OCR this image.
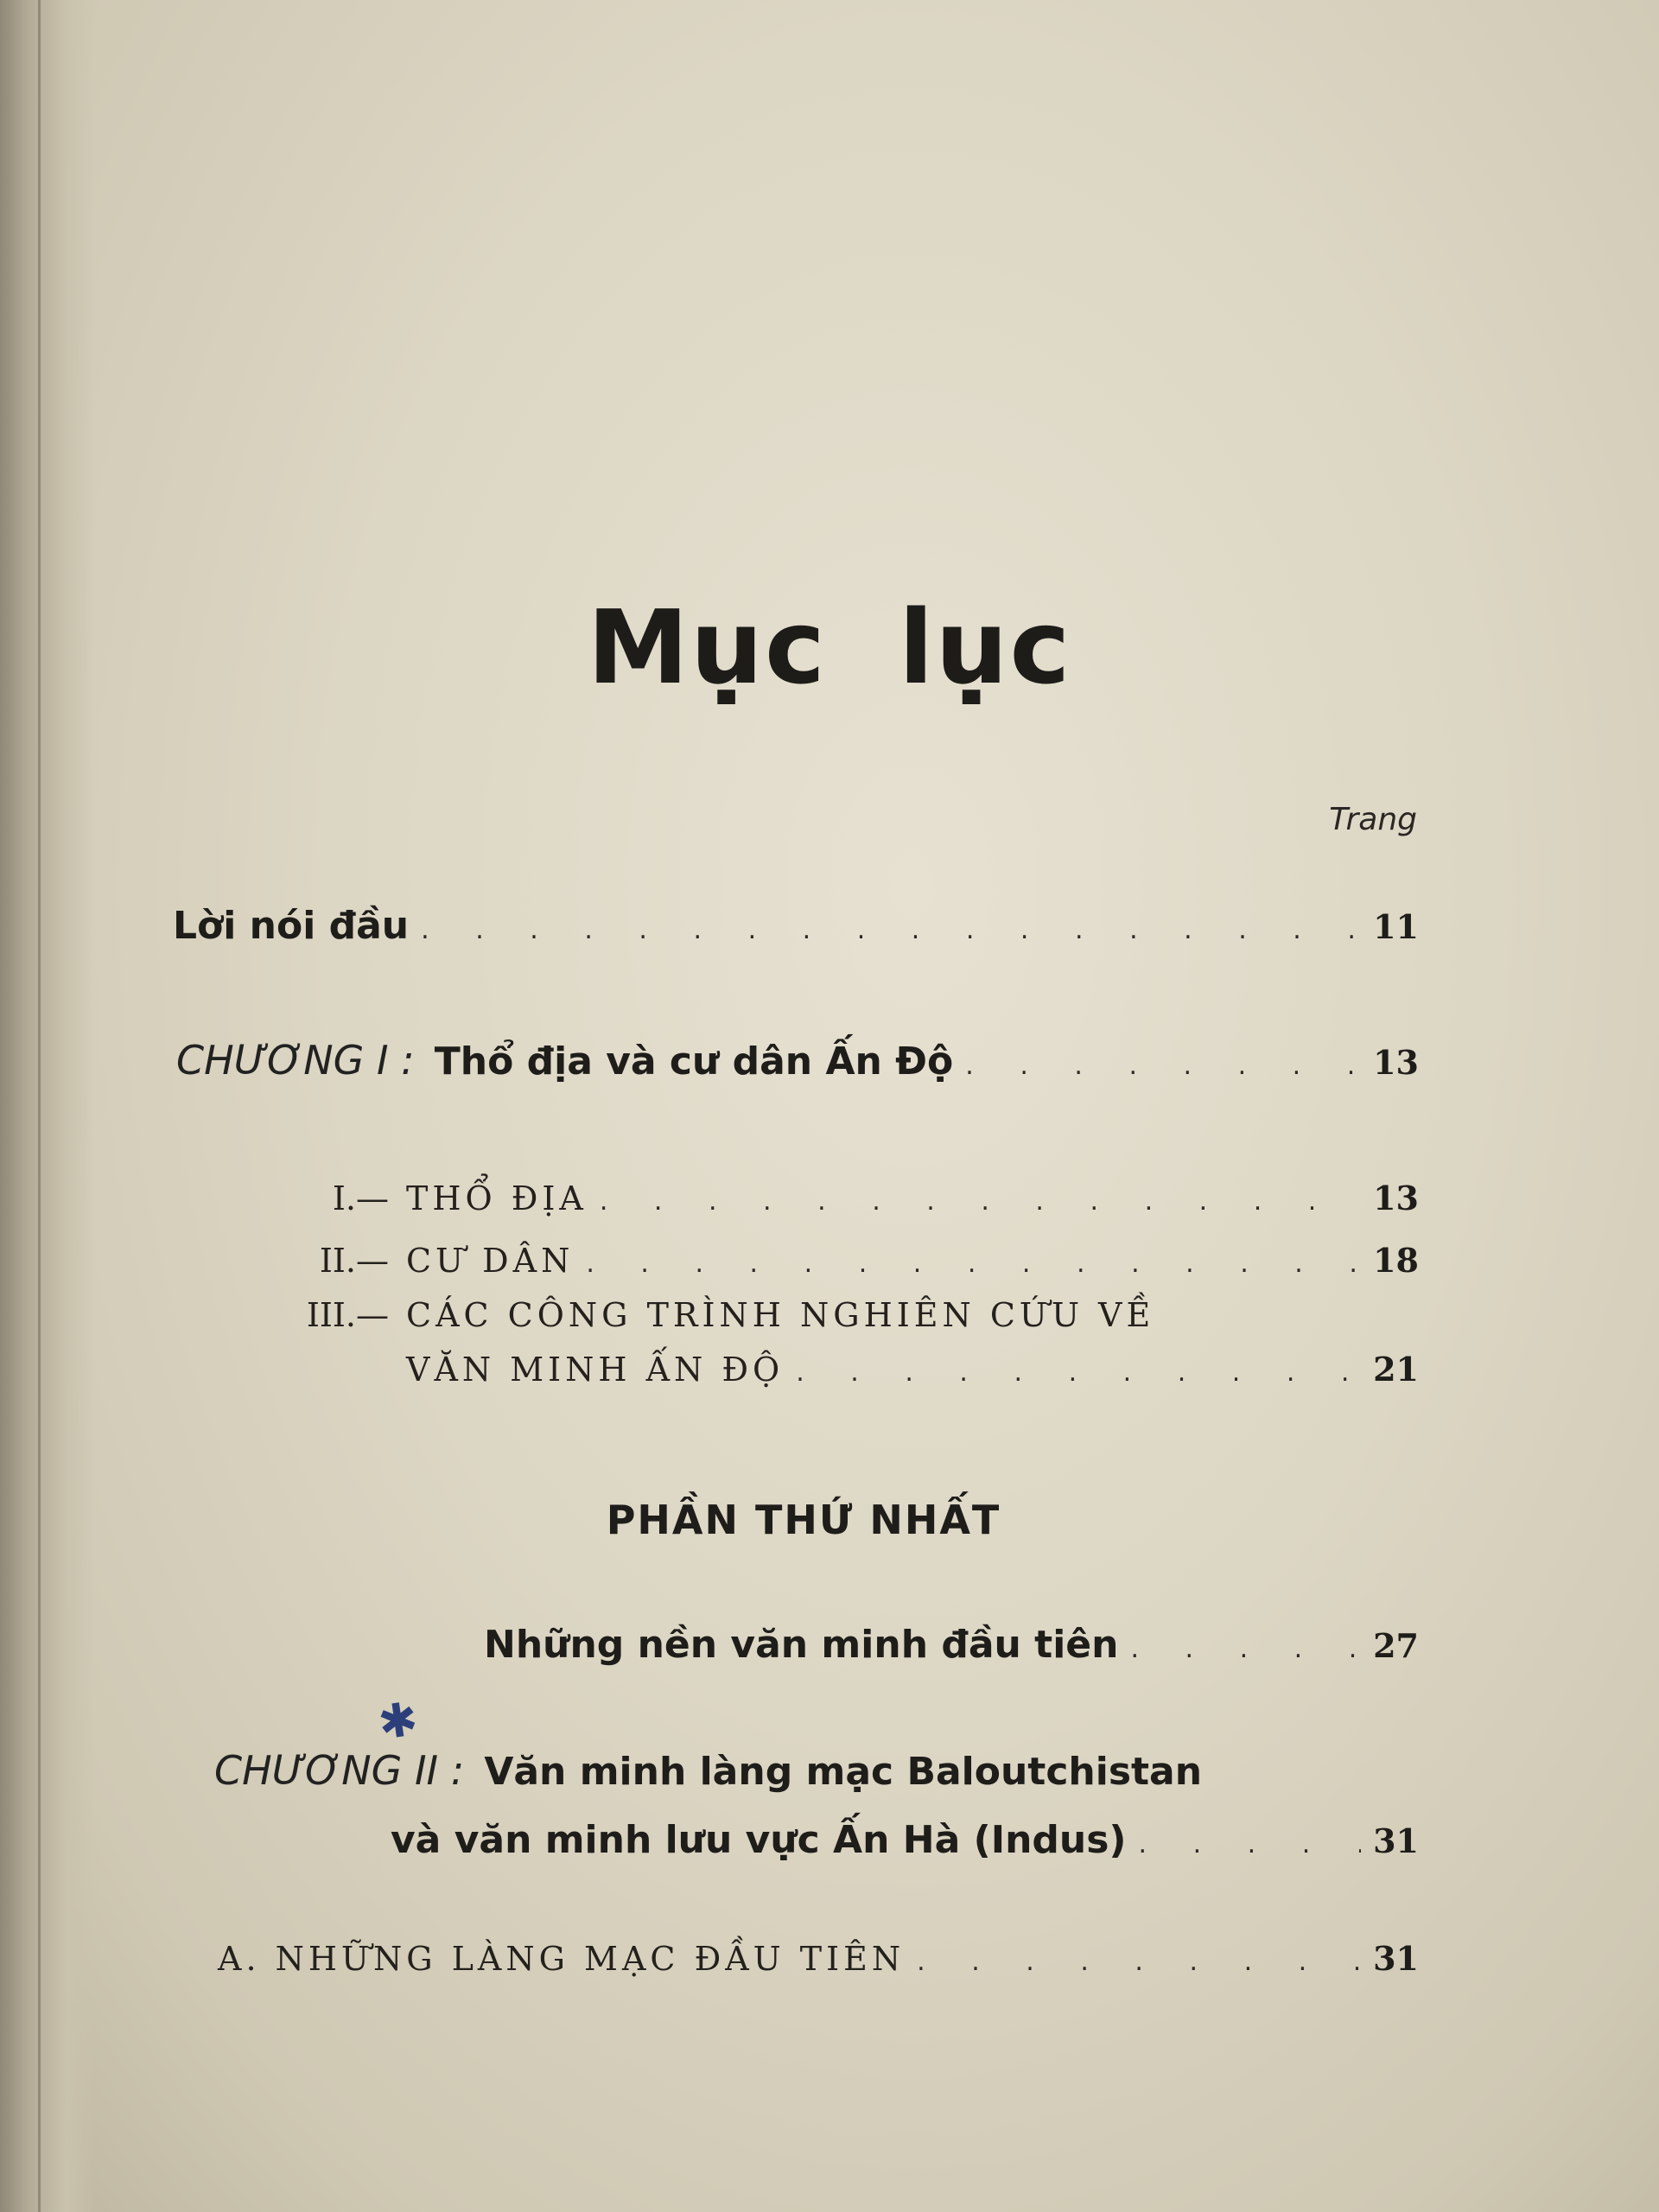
Mục lục
Trang
Lời nói đầu . . .	11
CHƯƠNG I : Thổ địa và cư dân Ấn Độ . . .	13
I.— THỔ ĐỊA . . .	13
II.— CƯ DÂN . . .	18
III.— CÁC CÔNG TRÌNH NGHIÊN CỨU VỀ
VĂN MINH ẤN ĐỘ . . .	21
PHẦN THỨ NHẤT
Những nền văn minh đầu tiên . . .	27
✱
CHƯƠNG II : Văn minh làng mạc Baloutchistan
và văn minh lưu vực Ấn Hà (Indus) . . .	31
A. NHỮNG LÀNG MẠC ĐẦU TIÊN . . .	31
